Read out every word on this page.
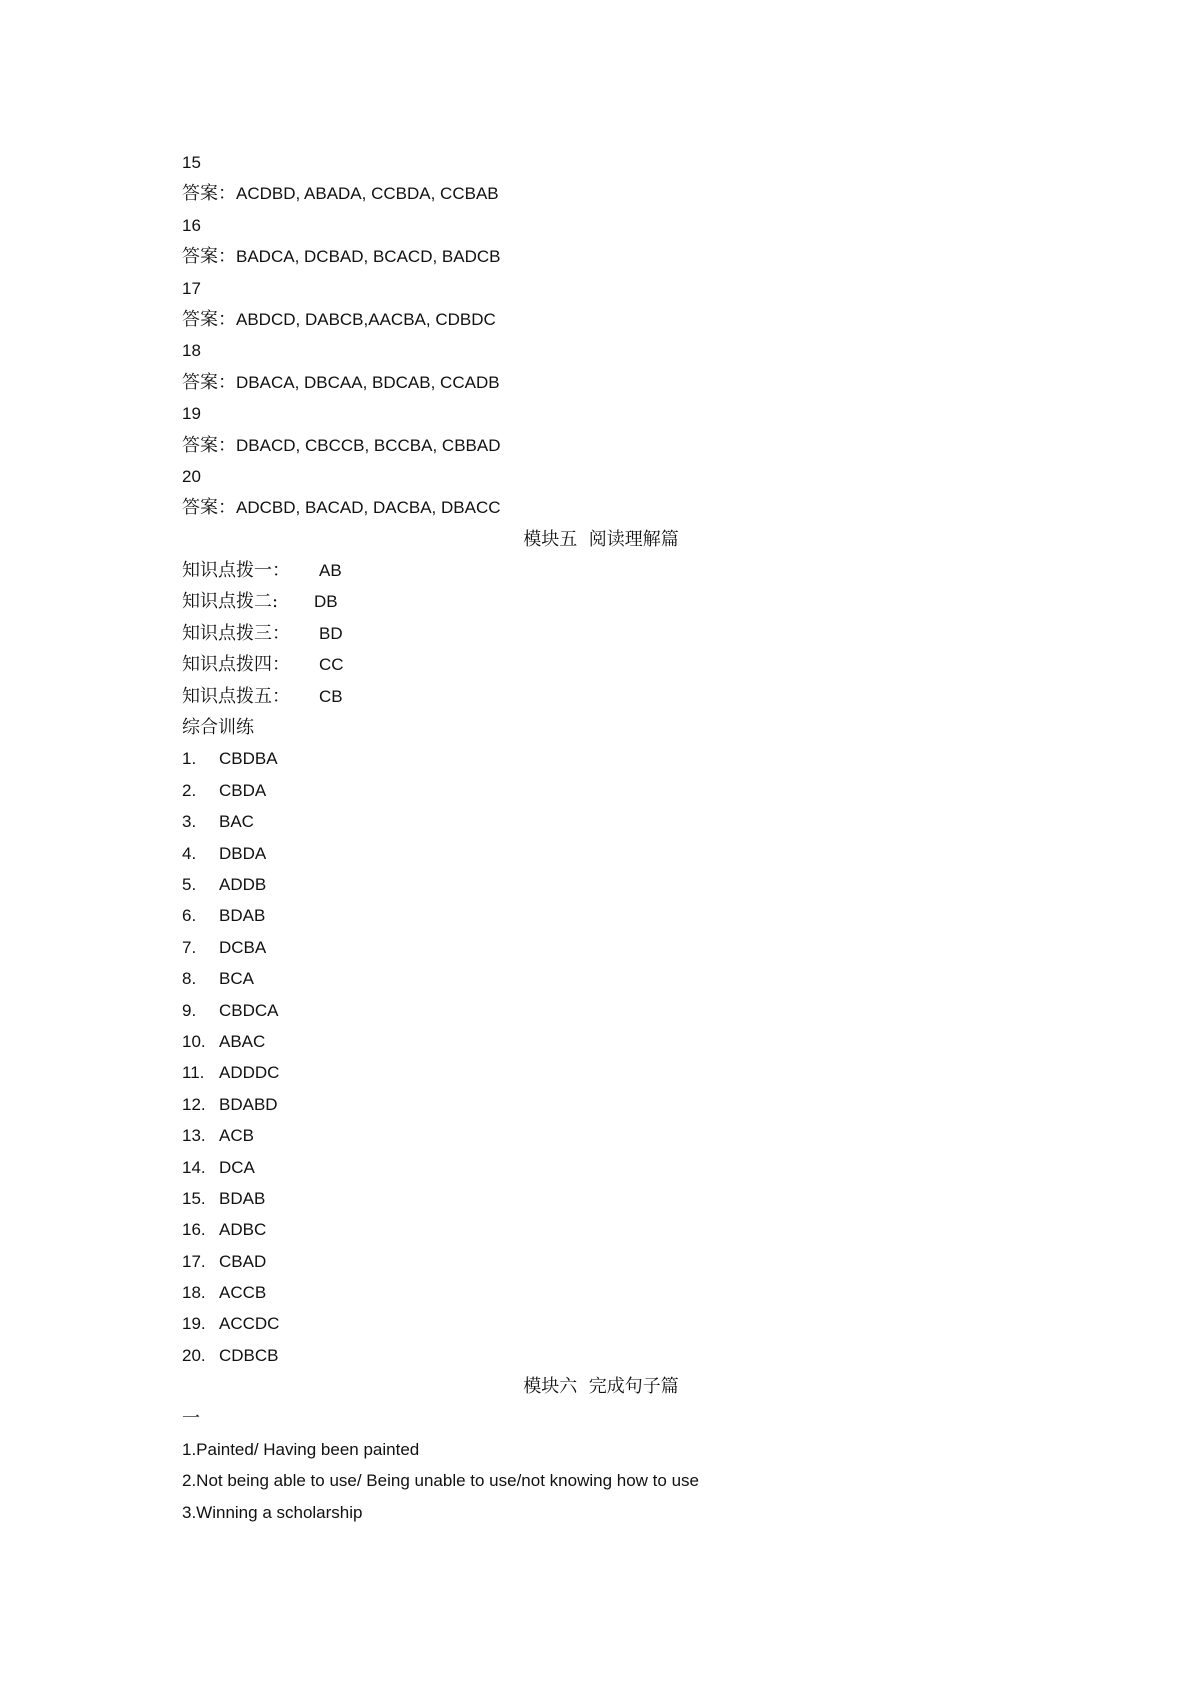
15
答案：ACDBD, ABADA, CCBDA, CCBAB
16
答案：BADCA, DCBAD, BCACD, BADCB
17
答案：ABDCD, DABCB,AACBA, CDBDC
18
答案：DBACA, DBCAA, BDCAB, CCADB
19
答案：DBACD, CBCCB, BCCBA, CBBAD
20
答案：ADCBD, BACAD, DACBA, DBACC
模块五  阅读理解篇
知识点拨一： AB
知识点拨二: DB
知识点拨三： BD
知识点拨四： CC
知识点拨五： CB
综合训练
1. CBDBA
2. CBDA
3. BAC
4. DBDA
5. ADDB
6. BDAB
7. DCBA
8. BCA
9. CBDCA
10. ABAC
11. ADDDC
12. BDABD
13. ACB
14. DCA
15. BDAB
16. ADBC
17. CBAD
18. ACCB
19. ACCDC
20. CDBCB
模块六  完成句子篇
一
1.Painted/ Having been painted
2.Not being able to use/ Being unable to use/not knowing how to use
3.Winning a scholarship
